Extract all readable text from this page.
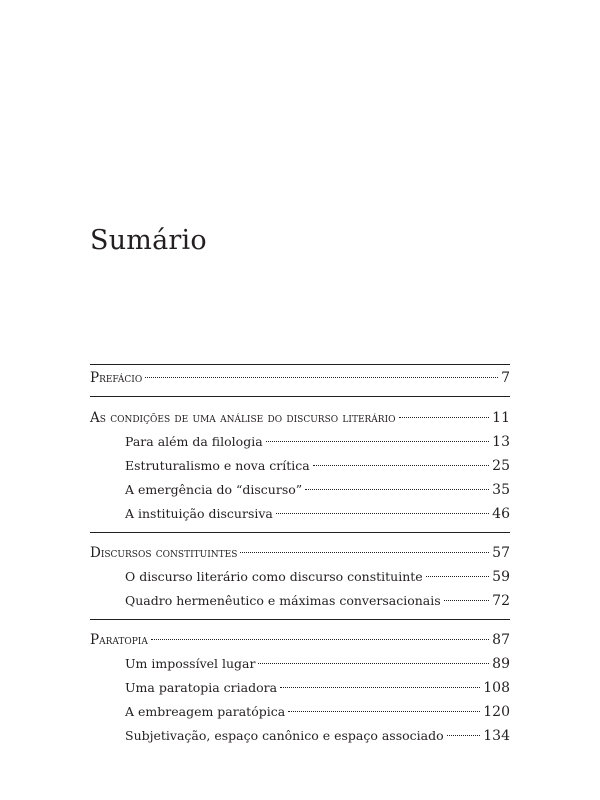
Sumário
Prefácio	7
As condições de uma análise do discurso literário	11
Para além da filologia	13
Estruturalismo e nova crítica	25
A emergência do “discurso”	35
A instituição discursiva	46
Discursos constituintes	57
O discurso literário como discurso constituinte	59
Quadro hermenêutico e máximas conversacionais	72
Paratopia	87
Um impossível lugar	89
Uma paratopia criadora	108
A embreagem paratópica	120
Subjetivação, espaço canônico e espaço associado	134
